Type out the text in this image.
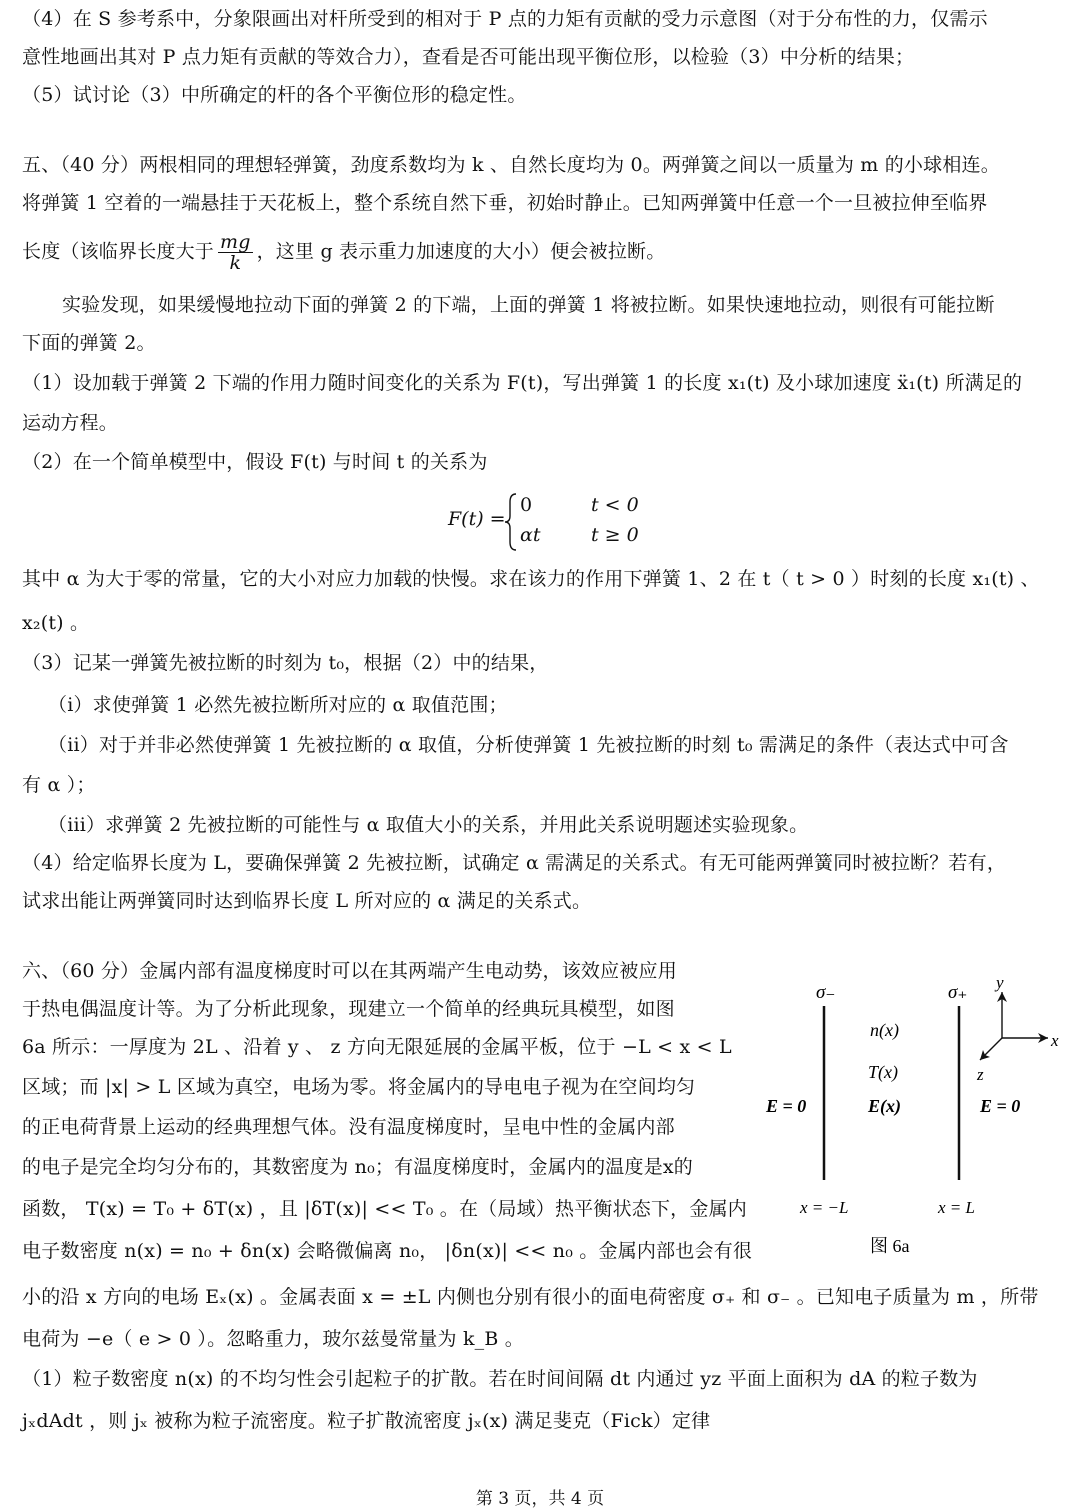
（4）在 S 参考系中，分象限画出对杆所受到的相对于 P 点的力矩有贡献的受力示意图（对于分布性的力，仅需示
意性地画出其对 P 点力矩有贡献的等效合力），查看是否可能出现平衡位形，以检验（3）中分析的结果；
（5）试讨论（3）中所确定的杆的各个平衡位形的稳定性。
五、（40 分）两根相同的理想轻弹簧，劲度系数均为 k 、自然长度均为 0。两弹簧之间以一质量为 m 的小球相连。
将弹簧 1 空着的一端悬挂于天花板上，整个系统自然下垂，初始时静止。已知两弹簧中任意一个一旦被拉伸至临界
长度（该临界长度大于 $\frac{mg}{k}$ ，这里 g 表示重力加速度的大小）便会被拉断。
实验发现，如果缓慢地拉动下面的弹簧 2 的下端，上面的弹簧 1 将被拉断。如果快速地拉动，则很有可能拉断
下面的弹簧 2。
（1）设加载于弹簧 2 下端的作用力随时间变化的关系为 F(t)，写出弹簧 1 的长度 x₁(t) 及小球加速度 ẍ₁(t) 所满足的
运动方程。
（2）在一个简单模型中，假设 F(t) 与时间 t 的关系为
F(t) =
0	t < 0
αt	t ≥ 0
其中 α 为大于零的常量，它的大小对应力加载的快慢。求在该力的作用下弹簧 1、2 在 t（ t > 0 ）时刻的长度 x₁(t) 、
x₂(t) 。
（3）记某一弹簧先被拉断的时刻为 t₀，根据（2）中的结果，
（i）求使弹簧 1 必然先被拉断所对应的 α 取值范围；
（ii）对于并非必然使弹簧 1 先被拉断的 α 取值，分析使弹簧 1 先被拉断的时刻 t₀ 需满足的条件（表达式中可含
有 α ）；
（iii）求弹簧 2 先被拉断的可能性与 α 取值大小的关系，并用此关系说明题述实验现象。
（4）给定临界长度为 L，要确保弹簧 2 先被拉断，试确定 α 需满足的关系式。有无可能两弹簧同时被拉断？若有，
试求出能让两弹簧同时达到临界长度 L 所对应的 α 满足的关系式。
六、（60 分）金属内部有温度梯度时可以在其两端产生电动势，该效应被应用
于热电偶温度计等。为了分析此现象，现建立一个简单的经典玩具模型，如图
6a 所示：一厚度为 2L 、沿着 y 、 z 方向无限延展的金属平板，位于 −L < x < L
区域；而 |x| > L 区域为真空，电场为零。将金属内的导电电子视为在空间均匀
的正电荷背景上运动的经典理想气体。没有温度梯度时，呈电中性的金属内部
的电子是完全均匀分布的，其数密度为 n₀；有温度梯度时，金属内的温度是x的
函数， T(x) = T₀ + δT(x) ，且 |δT(x)| << T₀ 。在（局域）热平衡状态下，金属内
电子数密度 n(x) = n₀ + δn(x) 会略微偏离 n₀， |δn(x)| << n₀ 。金属内部也会有很
小的沿 x 方向的电场 Eₓ(x) 。金属表面 x = ±L 内侧也分别有很小的面电荷密度 σ₊ 和 σ₋ 。已知电子质量为 m ，所带
电荷为 −e（ e > 0 ）。忽略重力，玻尔兹曼常量为 k_B 。
（1）粒子数密度 n(x) 的不均匀性会引起粒子的扩散。若在时间间隔 dt 内通过 yz 平面上面积为 dA 的粒子数为
jₓdAdt ，则 jₓ 被称为粒子流密度。粒子扩散流密度 jₓ(x) 满足斐克（Fick）定律
σ₋	σ₊
n(x)
T(x)
E(x)
E = 0	E = 0
x
y
z
x = −L	x = L
图 6a
第 3 页，共 4 页
